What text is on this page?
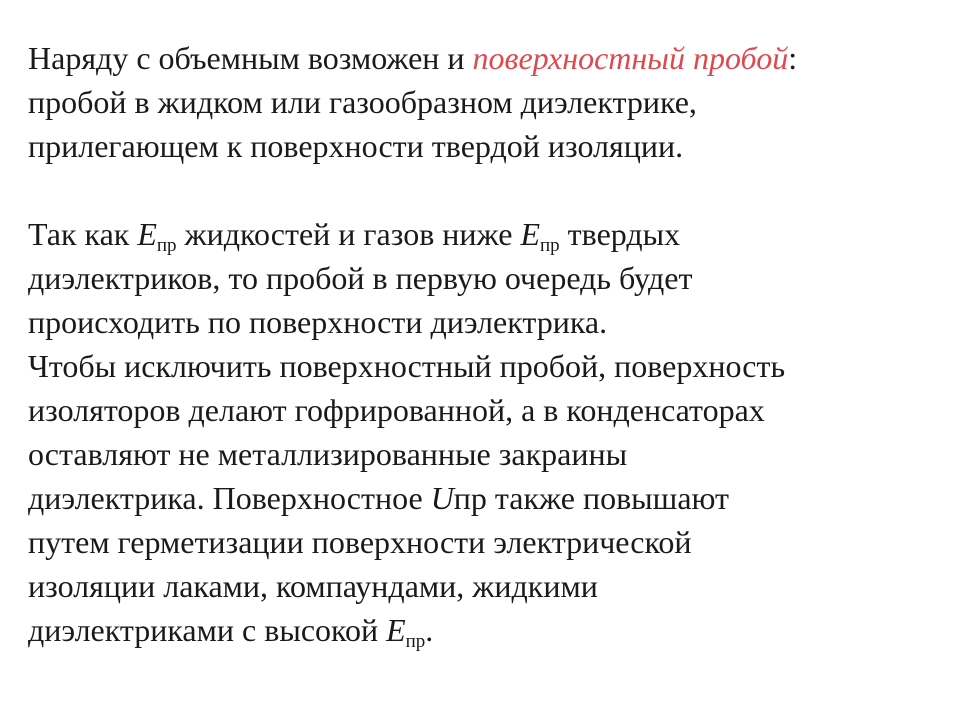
Наряду с объемным возможен и поверхностный пробой:
пробой в жидком или газообразном диэлектрике,
прилегающем к поверхности твердой изоляции.
Так как Eпр жидкостей и газов ниже Eпр твердых
диэлектриков, то пробой в первую очередь будет
происходить по поверхности диэлектрика.
Чтобы исключить поверхностный пробой, поверхность
изоляторов делают гофрированной, а в конденсаторах
оставляют не металлизированные закраины
диэлектрика. Поверхностное Uпр также повышают
путем герметизации поверхности электрической
изоляции лаками, компаундами, жидкими
диэлектриками с высокой Eпр.
